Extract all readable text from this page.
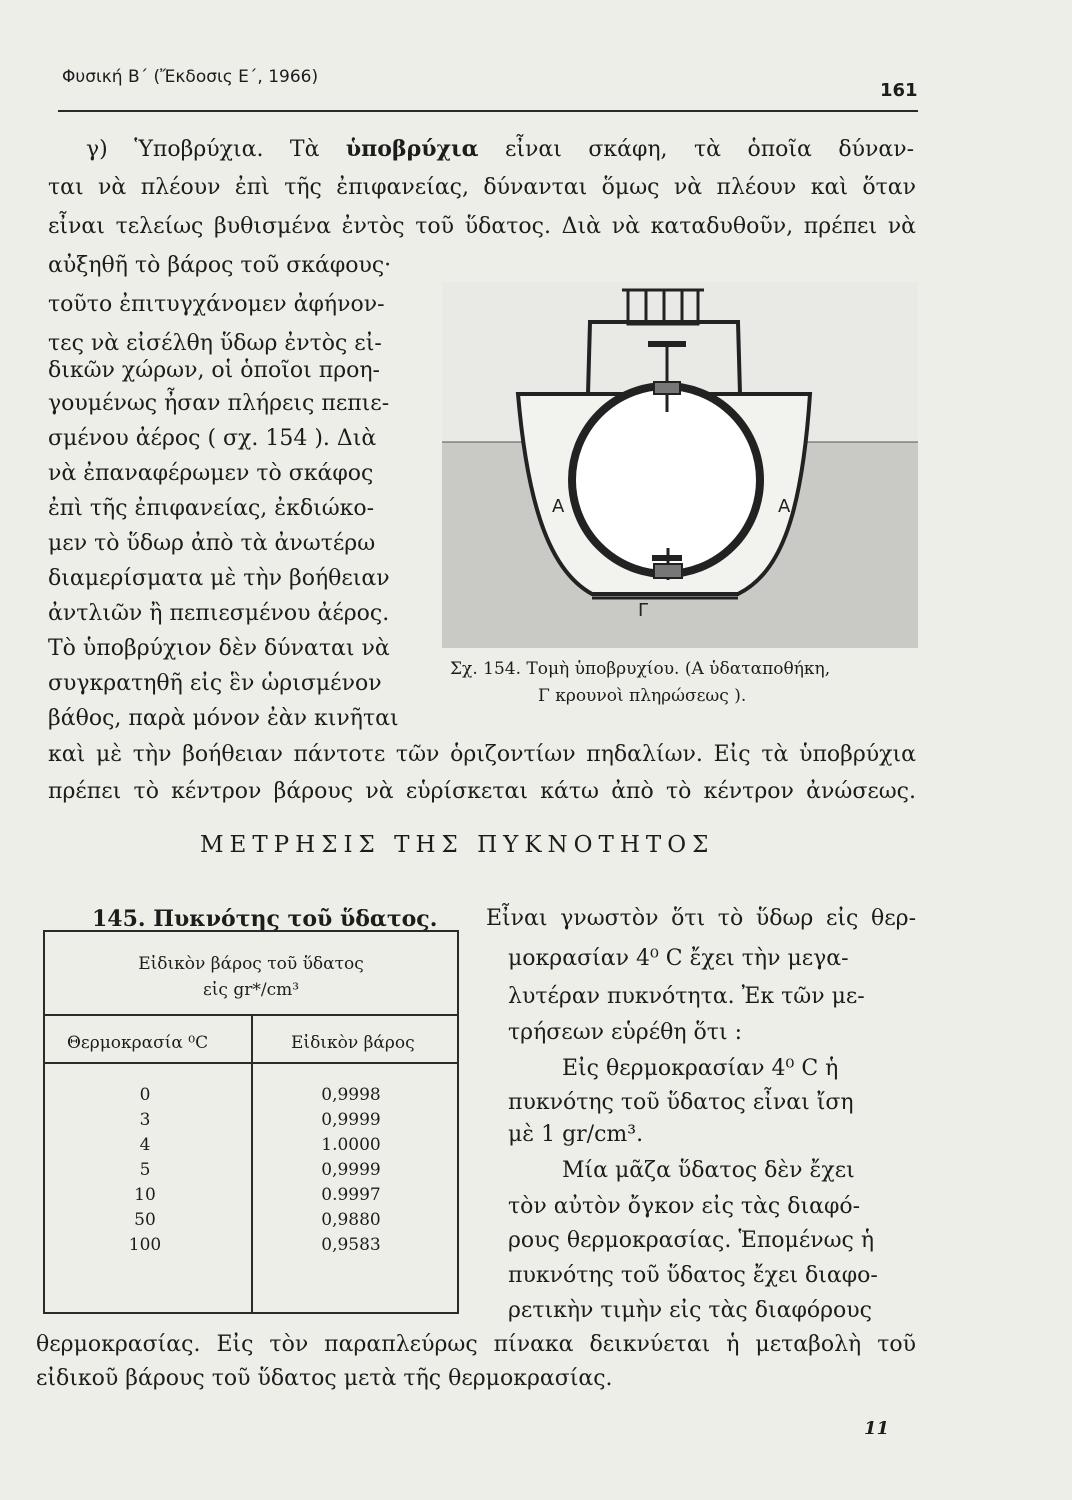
Φυσική Β΄ (Ἔκδοσις Ε΄, 1966)
161
γ) Ὑποβρύχια. Τὰ ὑποβρύχια εἶναι σκάφη, τὰ ὁποῖα δύναν-
ται νὰ πλέουν ἐπὶ τῆς ἐπιφανείας, δύνανται ὅμως νὰ πλέουν καὶ ὅταν
εἶναι τελείως βυθισμένα ἐντὸς τοῦ ὕδατος. Διὰ νὰ καταδυθοῦν, πρέπει νὰ
αὐξηθῆ τὸ βάρος τοῦ σκάφους·
τοῦτο ἐπιτυγχάνομεν ἀφήνον-
τες νὰ εἰσέλθη ὕδωρ ἐντὸς εἰ-
δικῶν χώρων, οἱ ὁποῖοι προη-
γουμένως ἦσαν πλήρεις πεπιε-
σμένου ἀέρος ( σχ. 154 ). Διὰ
νὰ ἐπαναφέρωμεν τὸ σκάφος
ἐπὶ τῆς ἐπιφανείας, ἐκδιώκο-
μεν τὸ ὕδωρ ἀπὸ τὰ ἀνωτέρω
διαμερίσματα μὲ τὴν βοήθειαν
ἀντλιῶν ἢ πεπιεσμένου ἀέρος.
Τὸ ὑποβρύχιον δὲν δύναται νὰ
συγκρατηθῆ εἰς ἓν ὡρισμένον
βάθος, παρὰ μόνον ἐὰν κινῆται
καὶ μὲ τὴν βοήθειαν πάντοτε τῶν ὁριζοντίων πηδαλίων. Εἰς τὰ ὑποβρύχια
πρέπει τὸ κέντρον βάρους νὰ εὑρίσκεται κάτω ἀπὸ τὸ κέντρον ἀνώσεως.
Α	Α
Γ
Σχ. 154. Τομὴ ὑποβρυχίου. (Α ὑδαταποθήκη,
Γ κρουνοὶ πληρώσεως ).
ΜΕΤΡΗΣΙΣ ΤΗΣ ΠΥΚΝΟΤΗΤΟΣ
145. Πυκνότης τοῦ ὕδατος. Εἶναι γνωστὸν ὅτι τὸ ὕδωρ εἰς θερ-
μοκρασίαν 4⁰ C ἔχει τὴν μεγα-
λυτέραν πυκνότητα. Ἐκ τῶν με-
τρήσεων εὑρέθη ὅτι :
Εἰς θερμοκρασίαν 4⁰ C ἡ
πυκνότης τοῦ ὕδατος εἶναι ἴση
μὲ 1 gr/cm³.
Μία μᾶζα ὕδατος δὲν ἔχει
τὸν αὐτὸν ὄγκον εἰς τὰς διαφό-
ρους θερμοκρασίας. Ἑπομένως ἡ
πυκνότης τοῦ ὕδατος ἔχει διαφο-
ρετικὴν τιμὴν εἰς τὰς διαφόρους
θερμοκρασίας. Εἰς τὸν παραπλεύρως πίνακα δεικνύεται ἡ μεταβολὴ τοῦ
εἰδικοῦ βάρους τοῦ ὕδατος μετὰ τῆς θερμοκρασίας.
Εἰδικὸν βάρος τοῦ ὕδατος
εἰς gr*/cm³
Θερμοκρασία ⁰C	Εἰδικὸν βάρος
0	0,9998
3	0,9999
4	1.0000
5	0,9999
10	0.9997
50	0,9880
100	0,9583
11
